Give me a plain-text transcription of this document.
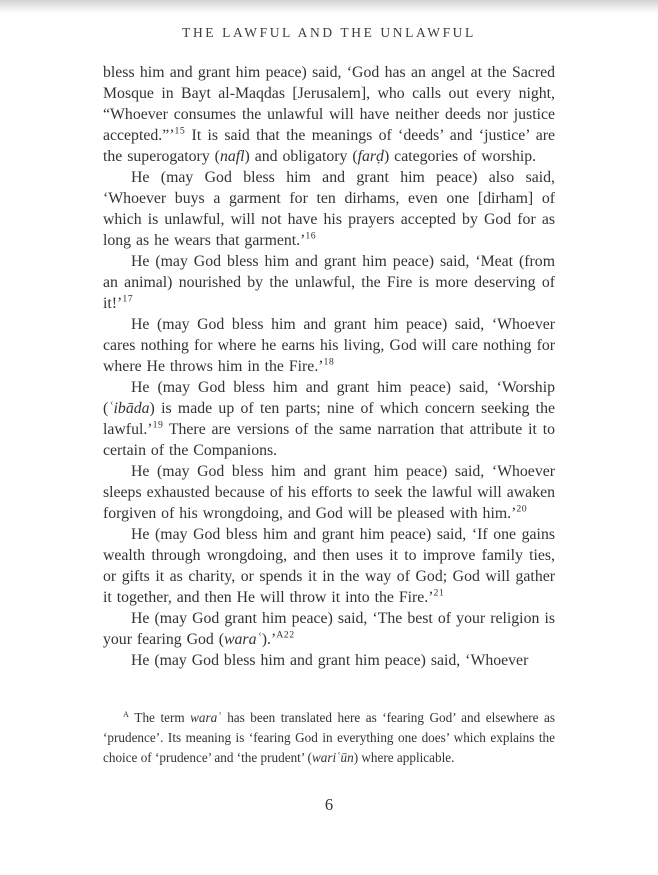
THE LAWFUL AND THE UNLAWFUL

bless him and grant him peace) said, ‘God has an angel at the Sacred Mosque in Bayt al-Maqdas [Jerusalem], who calls out every night, “Whoever consumes the unlawful will have neither deeds nor justice accepted.”’$^{15}$ It is said that the meanings of ‘deeds’ and ‘justice’ are the superogatory (nafl) and obligatory (farḍ) categories of worship.

He (may God bless him and grant him peace) also said, ‘Whoever buys a garment for ten dirhams, even one [dirham] of which is unlawful, will not have his prayers accepted by God for as long as he wears that garment.’$^{16}$

He (may God bless him and grant him peace) said, ‘Meat (from an animal) nourished by the unlawful, the Fire is more deserving of it!’$^{17}$

He (may God bless him and grant him peace) said, ‘Whoever cares nothing for where he earns his living, God will care nothing for where He throws him in the Fire.’$^{18}$

He (may God bless him and grant him peace) said, ‘Worship (ʿibāda) is made up of ten parts; nine of which concern seeking the lawful.’$^{19}$ There are versions of the same narration that attribute it to certain of the Companions.

He (may God bless him and grant him peace) said, ‘Whoever sleeps exhausted because of his efforts to seek the lawful will awaken forgiven of his wrongdoing, and God will be pleased with him.’$^{20}$

He (may God bless him and grant him peace) said, ‘If one gains wealth through wrongdoing, and then uses it to improve family ties, or gifts it as charity, or spends it in the way of God; God will gather it together, and then He will throw it into the Fire.’$^{21}$

He (may God grant him peace) said, ‘The best of your religion is your fearing God (waraʿ).’$^{A22}$

He (may God bless him and grant him peace) said, ‘Whoever

$^A$ The term waraʿ has been translated here as ‘fearing God’ and elsewhere as ‘prudence’. Its meaning is ‘fearing God in everything one does’ which explains the choice of ‘prudence’ and ‘the prudent’ (wariʿūn) where applicable.
6
